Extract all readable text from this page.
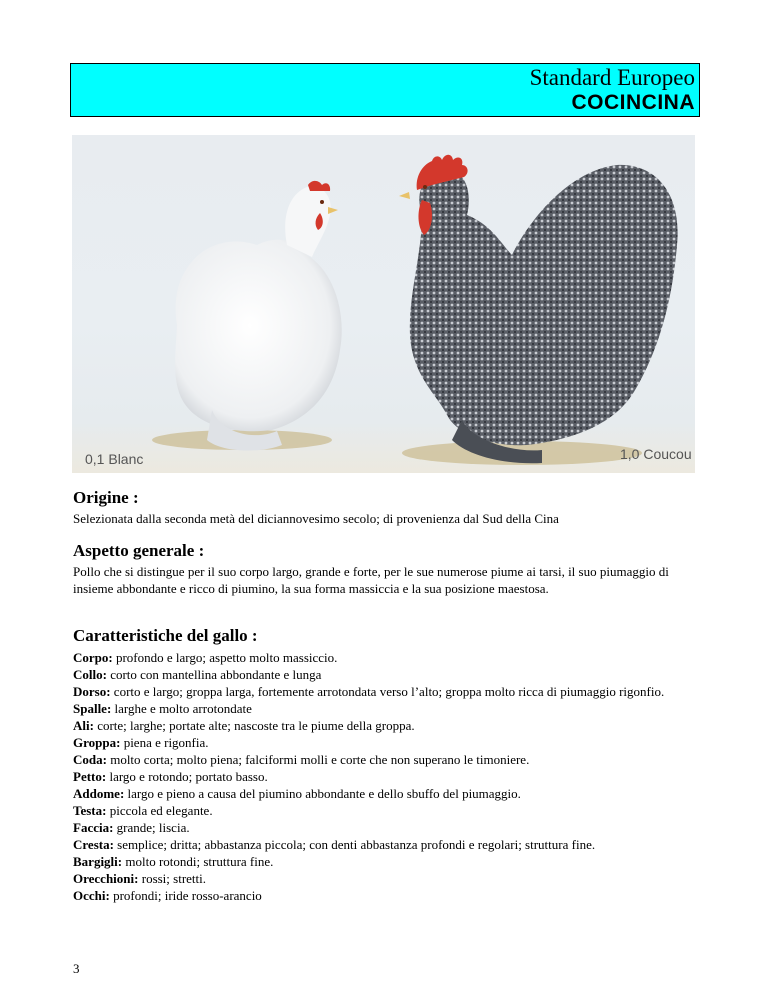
Standard Europeo
COCINCINA
0,1 Blanc	1,0 Coucou
Origine :
Selezionata dalla seconda metà del diciannovesimo secolo; di provenienza dal Sud della Cina
Aspetto generale :
Pollo che si distingue per il suo corpo largo, grande e forte, per le sue numerose piume ai tarsi, il suo piumaggio di insieme abbondante e ricco di piumino, la sua forma massiccia e la sua posizione maestosa.
Caratteristiche del gallo :
Corpo: profondo e largo; aspetto molto massiccio.
Collo: corto con mantellina abbondante e lunga
Dorso: corto e largo; groppa larga, fortemente arrotondata verso l’alto; groppa molto ricca di piumaggio rigonfio.
Spalle: larghe e molto arrotondate
Ali: corte; larghe; portate alte; nascoste tra le piume della groppa.
Groppa: piena e rigonfia.
Coda: molto corta; molto piena; falciformi molli e corte che non superano le timoniere.
Petto: largo e rotondo; portato basso.
Addome: largo e pieno a causa del piumino abbondante e dello sbuffo del piumaggio.
Testa: piccola ed elegante.
Faccia: grande; liscia.
Cresta: semplice; dritta; abbastanza piccola; con denti abbastanza profondi e regolari; struttura fine.
Bargigli: molto rotondi; struttura fine.
Orecchioni: rossi; stretti.
Occhi: profondi; iride rosso-arancio
3
